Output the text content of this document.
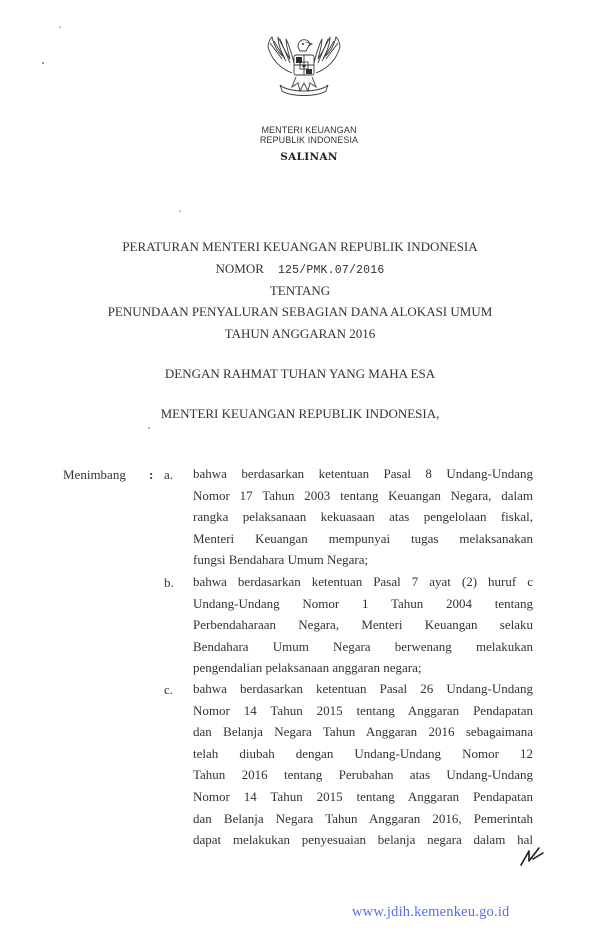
MENTERI KEUANGAN
REPUBLIK INDONESIA
SALINAN
PERATURAN MENTERI KEUANGAN REPUBLIK INDONESIA
NOMOR 125/PMK.07/2016
TENTANG
PENUNDAAN PENYALURAN SEBAGIAN DANA ALOKASI UMUM
TAHUN ANGGARAN 2016
DENGAN RAHMAT TUHAN YANG MAHA ESA
MENTERI KEUANGAN REPUBLIK INDONESIA,
Menimbang : a. bahwa berdasarkan ketentuan Pasal 8 Undang-Undang
Nomor 17 Tahun 2003 tentang Keuangan Negara, dalam
rangka pelaksanaan kekuasaan atas pengelolaan fiskal,
Menteri Keuangan mempunyai tugas melaksanakan
fungsi Bendahara Umum Negara;
b. bahwa berdasarkan ketentuan Pasal 7 ayat (2) huruf c
Undang-Undang Nomor 1 Tahun 2004 tentang
Perbendaharaan Negara, Menteri Keuangan selaku
Bendahara Umum Negara berwenang melakukan
pengendalian pelaksanaan anggaran negara;
c. bahwa berdasarkan ketentuan Pasal 26 Undang-Undang
Nomor 14 Tahun 2015 tentang Anggaran Pendapatan
dan Belanja Negara Tahun Anggaran 2016 sebagaimana
telah diubah dengan Undang-Undang Nomor 12
Tahun 2016 tentang Perubahan atas Undang-Undang
Nomor 14 Tahun 2015 tentang Anggaran Pendapatan
dan Belanja Negara Tahun Anggaran 2016, Pemerintah
dapat melakukan penyesuaian belanja negara dalam hal
www.jdih.kemenkeu.go.id
